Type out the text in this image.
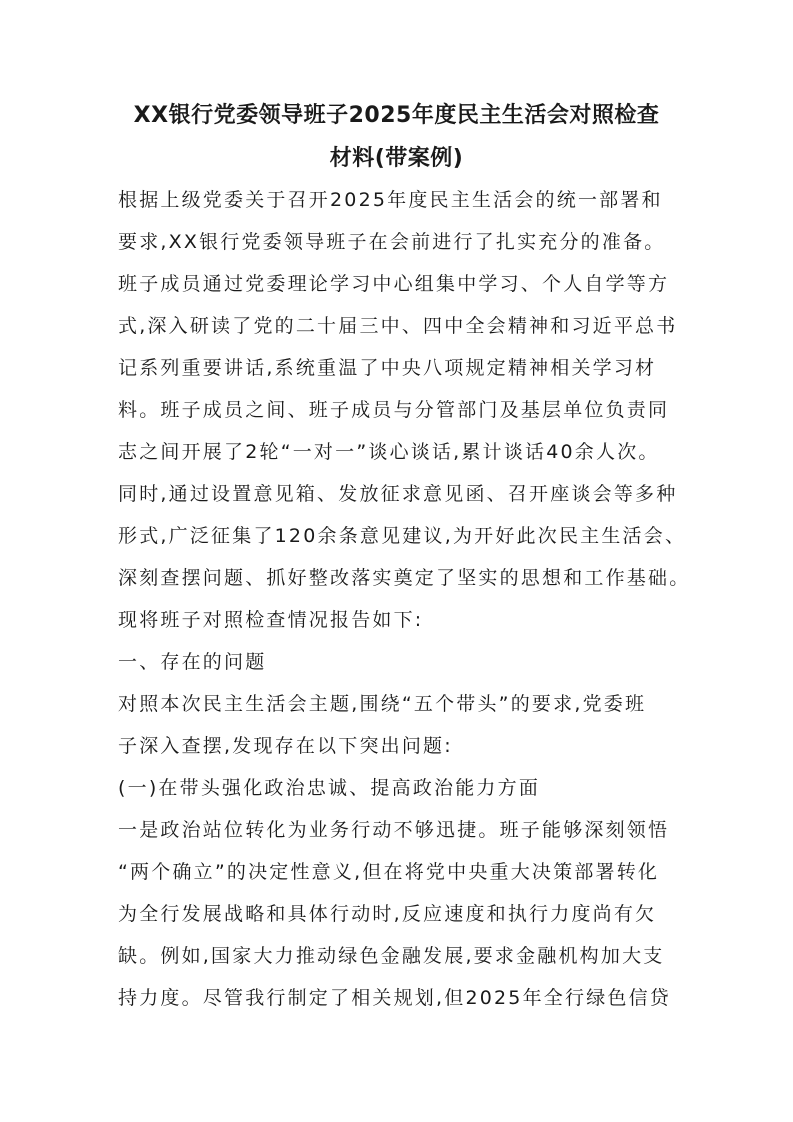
XX银行党委领导班子2025年度民主生活会对照检查
材料(带案例)
根据上级党委关于召开2025年度民主生活会的统一部署和
要求,XX银行党委领导班子在会前进行了扎实充分的准备。
班子成员通过党委理论学习中心组集中学习、个人自学等方
式,深入研读了党的二十届三中、四中全会精神和习近平总书
记系列重要讲话,系统重温了中央八项规定精神相关学习材
料。班子成员之间、班子成员与分管部门及基层单位负责同
志之间开展了2轮“一对一”谈心谈话,累计谈话40余人次。
同时,通过设置意见箱、发放征求意见函、召开座谈会等多种
形式,广泛征集了120余条意见建议,为开好此次民主生活会、
深刻查摆问题、抓好整改落实奠定了坚实的思想和工作基础。
现将班子对照检查情况报告如下:
一、存在的问题
对照本次民主生活会主题,围绕“五个带头”的要求,党委班
子深入查摆,发现存在以下突出问题:
(一)在带头强化政治忠诚、提高政治能力方面
一是政治站位转化为业务行动不够迅捷。班子能够深刻领悟
“两个确立”的决定性意义,但在将党中央重大决策部署转化
为全行发展战略和具体行动时,反应速度和执行力度尚有欠
缺。例如,国家大力推动绿色金融发展,要求金融机构加大支
持力度。尽管我行制定了相关规划,但2025年全行绿色信贷
